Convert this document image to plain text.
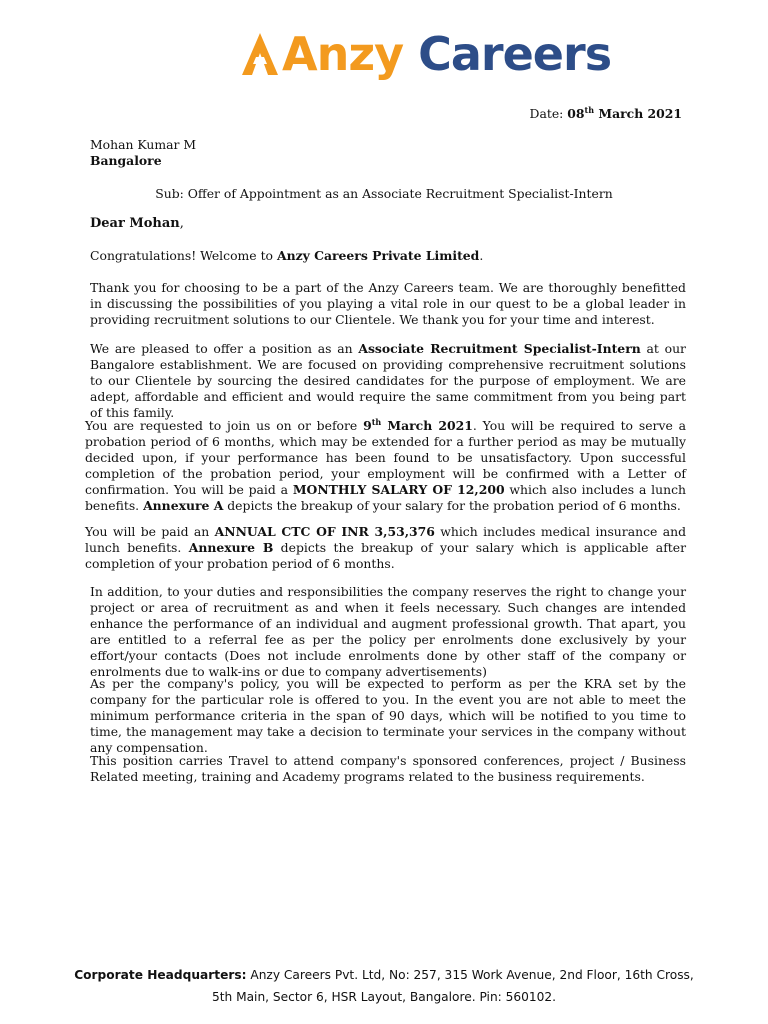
Anzy Careers
Date: 08th March 2021
Mohan Kumar M
Bangalore
Sub: Offer of Appointment as an Associate Recruitment Specialist-Intern
Dear Mohan,
Congratulations! Welcome to Anzy Careers Private Limited.
Thank you for choosing to be a part of the Anzy Careers team. We are thoroughly benefitted in discussing the possibilities of you playing a vital role in our quest to be a global leader in providing recruitment solutions to our Clientele. We thank you for your time and interest.
We are pleased to offer a position as an Associate Recruitment Specialist-Intern at our Bangalore establishment. We are focused on providing comprehensive recruitment solutions to our Clientele by sourcing the desired candidates for the purpose of employment. We are adept, affordable and efficient and would require the same commitment from you being part of this family.
You are requested to join us on or before 9th March 2021. You will be required to serve a probation period of 6 months, which may be extended for a further period as may be mutually decided upon, if your performance has been found to be unsatisfactory. Upon successful completion of the probation period, your employment will be confirmed with a Letter of confirmation. You will be paid a MONTHLY SALARY OF 12,200 which also includes a lunch benefits. Annexure A depicts the breakup of your salary for the probation period of 6 months.
You will be paid an ANNUAL CTC OF INR 3,53,376 which includes medical insurance and lunch benefits. Annexure B depicts the breakup of your salary which is applicable after completion of your probation period of 6 months.
In addition, to your duties and responsibilities the company reserves the right to change your project or area of recruitment as and when it feels necessary. Such changes are intended enhance the performance of an individual and augment professional growth. That apart, you are entitled to a referral fee as per the policy per enrolments done exclusively by your effort/your contacts (Does not include enrolments done by other staff of the company or enrolments due to walk-ins or due to company advertisements)
As per the company's policy, you will be expected to perform as per the KRA set by the company for the particular role is offered to you. In the event you are not able to meet the minimum performance criteria in the span of 90 days, which will be notified to you time to time, the management may take a decision to terminate your services in the company without any compensation.
This position carries Travel to attend company's sponsored conferences, project / Business Related meeting, training and Academy programs related to the business requirements.
Corporate Headquarters: Anzy Careers Pvt. Ltd, No: 257, 315 Work Avenue, 2nd Floor, 16th Cross,
5th Main, Sector 6, HSR Layout, Bangalore. Pin: 560102.
